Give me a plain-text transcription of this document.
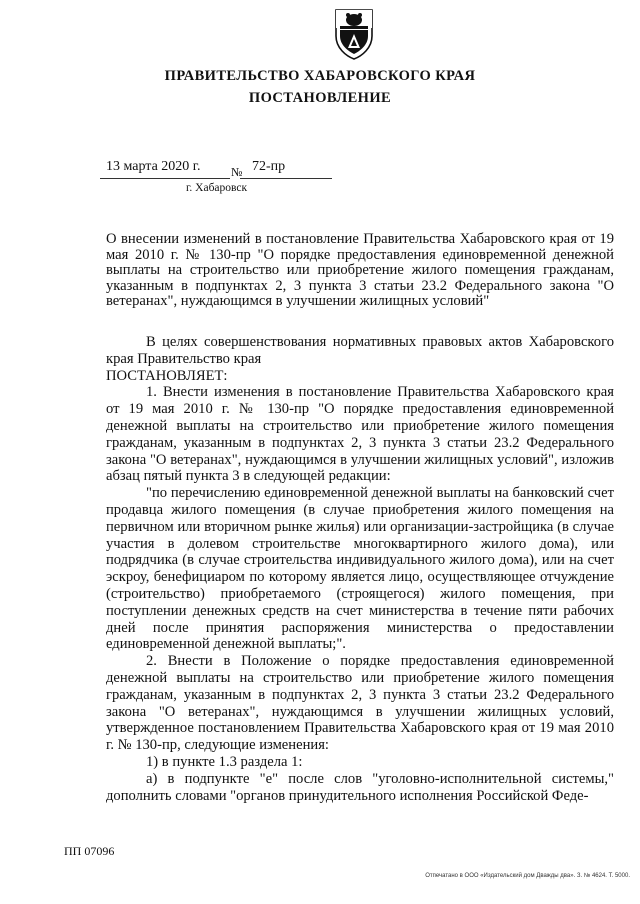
ПРАВИТЕЛЬСТВО ХАБАРОВСКОГО КРАЯ
ПОСТАНОВЛЕНИЕ
13 марта 2020 г.	№ 72-пр
г. Хабаровск
О внесении изменений в постановление Правительства Хабаровского края от 19 мая 2010 г. № 130-пр "О порядке предоставления единовременной денежной выплаты на строительство или приобретение жилого помещения гражданам, указанным в подпунктах 2, 3 пункта 3 статьи 23.2 Федерального закона "О ветеранах", нуждающимся в улучшении жилищных условий"

В целях совершенствования нормативных правовых актов Хабаровского края Правительство края

ПОСТАНОВЛЯЕТ:

1. Внести изменения в постановление Правительства Хабаровского края от 19 мая 2010 г. № 130-пр "О порядке предоставления единовременной денежной выплаты на строительство или приобретение жилого помещения гражданам, указанным в подпунктах 2, 3 пункта 3 статьи 23.2 Федерального закона "О ветеранах", нуждающимся в улучшении жилищных условий", изложив абзац пятый пункта 3 в следующей редакции:

"по перечислению единовременной денежной выплаты на банковский счет продавца жилого помещения (в случае приобретения жилого помещения на первичном или вторичном рынке жилья) или организации-застройщика (в случае участия в долевом строительстве многоквартирного жилого дома), или подрядчика (в случае строительства индивидуального жилого дома), или на счет эскроу, бенефициаром по которому является лицо, осуществляющее отчуждение (строительство) приобретаемого (строящегося) жилого помещения, при поступлении денежных средств на счет министерства в течение пяти рабочих дней после принятия распоряжения министерства о предоставлении единовременной денежной выплаты;".

2. Внести в Положение о порядке предоставления единовременной денежной выплаты на строительство или приобретение жилого помещения гражданам, указанным в подпунктах 2, 3 пункта 3 статьи 23.2 Федерального закона "О ветеранах", нуждающимся в улучшении жилищных условий, утвержденное постановлением Правительства Хабаровского края от 19 мая 2010 г. № 130-пр, следующие изменения:

1) в пункте 1.3 раздела 1:

а) в подпункте "е" после слов "уголовно-исполнительной системы," дополнить словами "органов принудительного исполнения Российской Феде-

ПП 07096
Отпечатано в ООО «Издательский дом Дважды два». З. № 4624. Т. 5000.
